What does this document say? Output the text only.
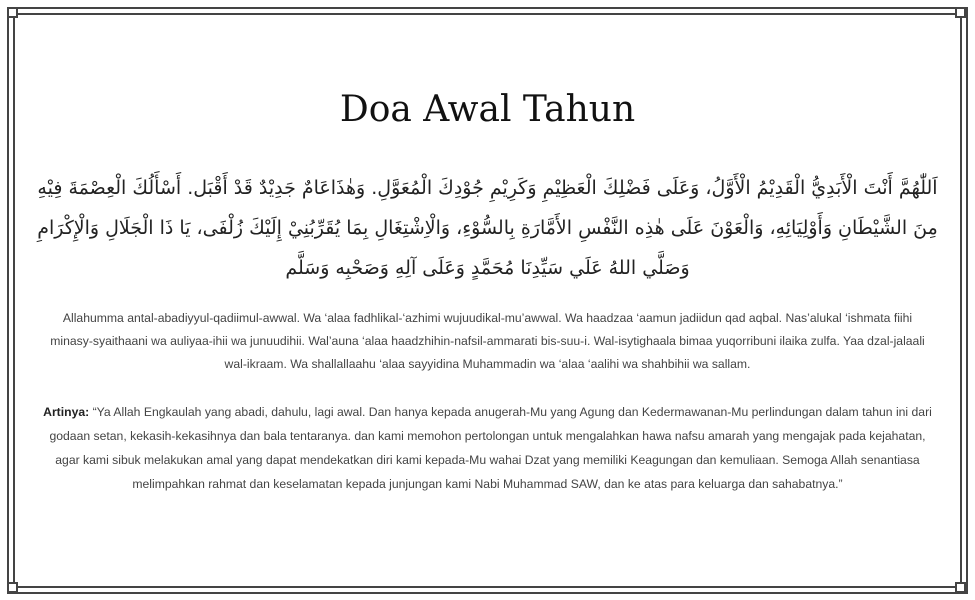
Doa Awal Tahun

اَللّٰهُمَّ أَنْتَ الْأَبَدِيُّ الْقَدِيْمُ الْأَوَّلُ، وَعَلَى فَضْلِكَ الْعَظِيْمِ وَكَرِيْمِ جُوْدِكَ الْمُعَوَّلِ. وَهٰذَاعَامٌ جَدِيْدٌ قَدْ أَقْبَل. أَسْأَلُكَ الْعِصْمَةَ فِيْهِ مِنَ الشَّيْطَانِ وَأَوْلِيَائِهِ، وَالْعَوْنَ عَلَى هٰذِه النَّفْسِ الأَمَّارَةِ بِالسُّوْءِ، وَالْاِشْتِغَالِ بِمَا يُقَرِّبُنِيْ إِلَيْكَ زُلْفَى، يَا ذَا الْجَلَالِ وَالْإِكْرَامِ وَصَلَّي اللهُ عَلَي سَيِّدِنَا مُحَمَّدٍ وَعَلَى آلِهِ وَصَحْبِه وَسَلَّم

Allahumma antal-abadiyyul-qadiimul-awwal. Wa ‘alaa fadhlikal-‘azhimi wujuudikal-mu’awwal. Wa haadzaa ‘aamun jadiidun qad aqbal. Nas’alukal ‘ishmata fiihi minasy-syaithaani wa auliyaa-ihii wa junuudihii. Wal’auna ‘alaa haadzhihin-nafsil-ammarati bis-suu-i. Wal-isytighaala bimaa yuqorribuni ilaika zulfa. Yaa dzal-jalaali wal-ikraam. Wa shallallaahu ‘alaa sayyidina Muhammadin wa ‘alaa ‘aalihi wa shahbihii wa sallam.

Artinya: “Ya Allah Engkaulah yang abadi, dahulu, lagi awal. Dan hanya kepada anugerah-Mu yang Agung dan Kedermawanan-Mu perlindungan dalam tahun ini dari godaan setan, kekasih-kekasihnya dan bala tentaranya. dan kami memohon pertolongan untuk mengalahkan hawa nafsu amarah yang mengajak pada kejahatan, agar kami sibuk melakukan amal yang dapat mendekatkan diri kami kepada-Mu wahai Dzat yang memiliki Keagungan dan kemuliaan. Semoga Allah senantiasa melimpahkan rahmat dan keselamatan kepada junjungan kami Nabi Muhammad SAW, dan ke atas para keluarga dan sahabatnya.”
